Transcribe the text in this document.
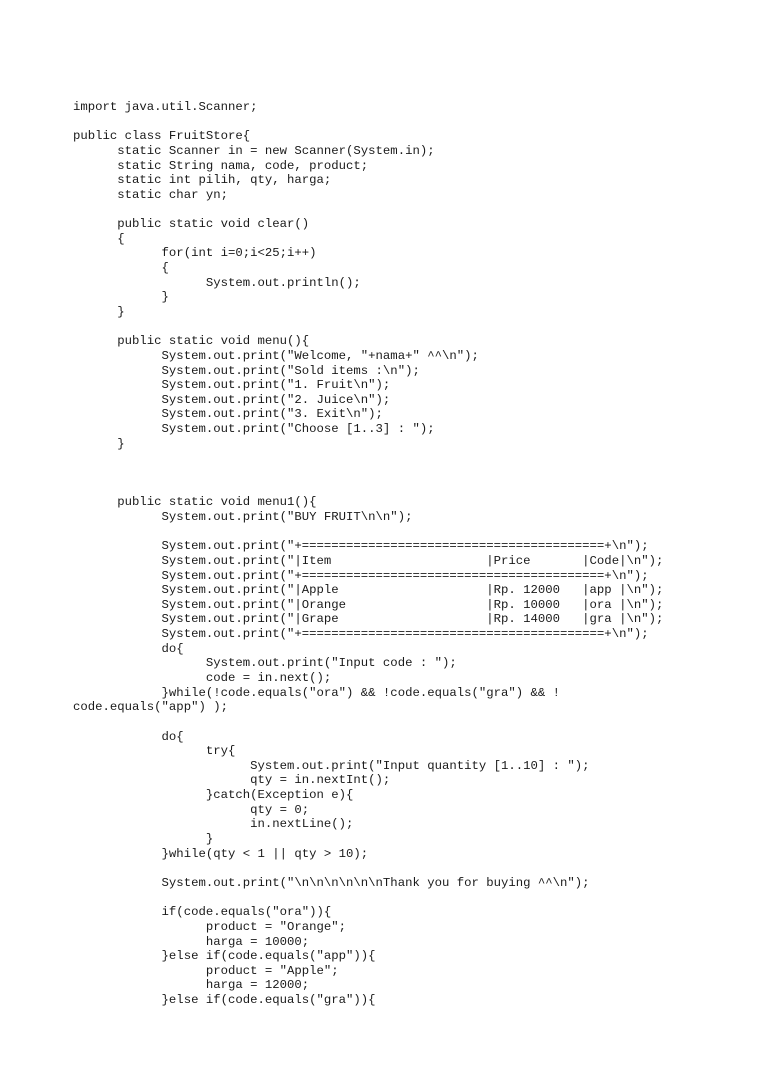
import java.util.Scanner;
public class FruitStore{
static Scanner in = new Scanner(System.in);
static String nama, code, product;
static int pilih, qty, harga;
static char yn;
public static void clear()
{
for(int i=0;i<25;i++)
{
System.out.println();
}
}
public static void menu(){
System.out.print("Welcome, "+nama+" ^^\n");
System.out.print("Sold items :\n");
System.out.print("1. Fruit\n");
System.out.print("2. Juice\n");
System.out.print("3. Exit\n");
System.out.print("Choose [1..3] : ");
}
public static void menu1(){
System.out.print("BUY FRUIT\n\n");
System.out.print("+=========================================+\n");
System.out.print("|Item                     |Price       |Code|\n");
System.out.print("+=========================================+\n");
System.out.print("|Apple                    |Rp. 12000   |app |\n");
System.out.print("|Orange                   |Rp. 10000   |ora |\n");
System.out.print("|Grape                    |Rp. 14000   |gra |\n");
System.out.print("+=========================================+\n");
do{
System.out.print("Input code : ");
code = in.next();
}while(!code.equals("ora") && !code.equals("gra") && !
code.equals("app") );
do{
try{
System.out.print("Input quantity [1..10] : ");
qty = in.nextInt();
}catch(Exception e){
qty = 0;
in.nextLine();
}
}while(qty < 1 || qty > 10);
System.out.print("\n\n\n\n\n\nThank you for buying ^^\n");
if(code.equals("ora")){
product = "Orange";
harga = 10000;
}else if(code.equals("app")){
product = "Apple";
harga = 12000;
}else if(code.equals("gra")){
